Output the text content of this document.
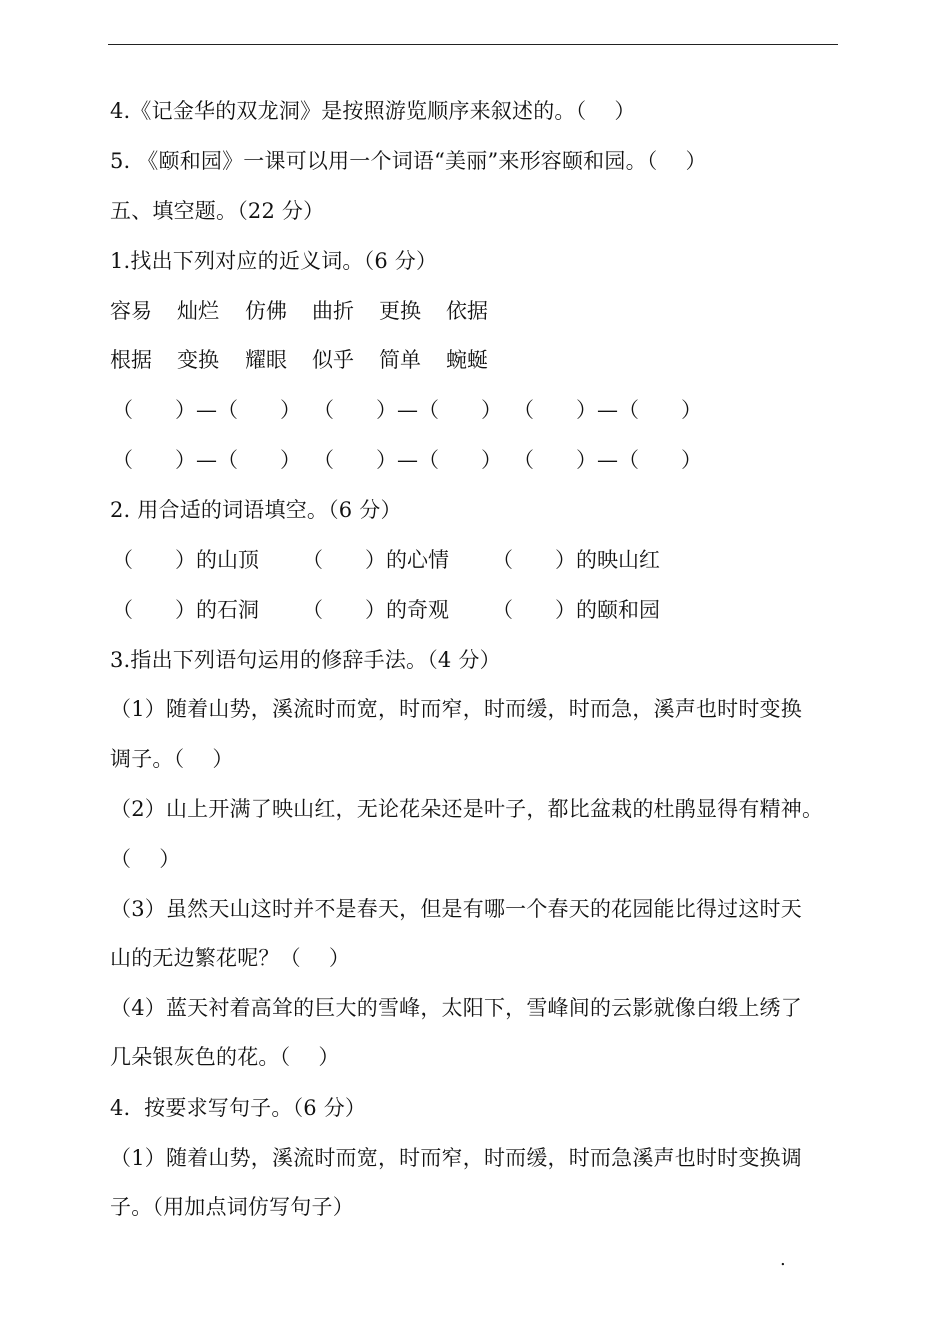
4.《记金华的双龙洞》是按照游览顺序来叙述的。（　 ）
5. 《颐和园》一课可以用一个词语“美丽”来形容颐和园。（　 ）
五、填空题。（22 分）
1.找出下列对应的近义词。（6 分）
容易 灿烂 仿佛 曲折 更换 依据
根据 变换 耀眼 似乎 简单 蜿蜒
（　　）—（　　） （　　）—（　　） （　　）—（　　）
（　　）—（　　） （　　）—（　　） （　　）—（　　）
2. 用合适的词语填空。（6 分）
（　　）的山顶 （　　）的心情 （　　）的映山红
（　　）的石洞 （　　）的奇观 （　　）的颐和园
3.指出下列语句运用的修辞手法。（4 分）
（1）随着山势，溪流时而宽，时而窄，时而缓，时而急，溪声也时时变换
调子。（　 ）
（2）山上开满了映山红，无论花朵还是叶子，都比盆栽的杜鹃显得有精神。
（　 ）
（3）虽然天山这时并不是春天，但是有哪一个春天的花园能比得过这时天
山的无边繁花呢？（　 ）
（4）蓝天衬着高耸的巨大的雪峰，太阳下，雪峰间的云影就像白缎上绣了
几朵银灰色的花。（　 ）
4.  按要求写句子。（6 分）
（1）随着山势，溪流时而宽，时而窄，时而缓，时而急溪声也时时变换调
子。（用加点词仿写句子）
.
